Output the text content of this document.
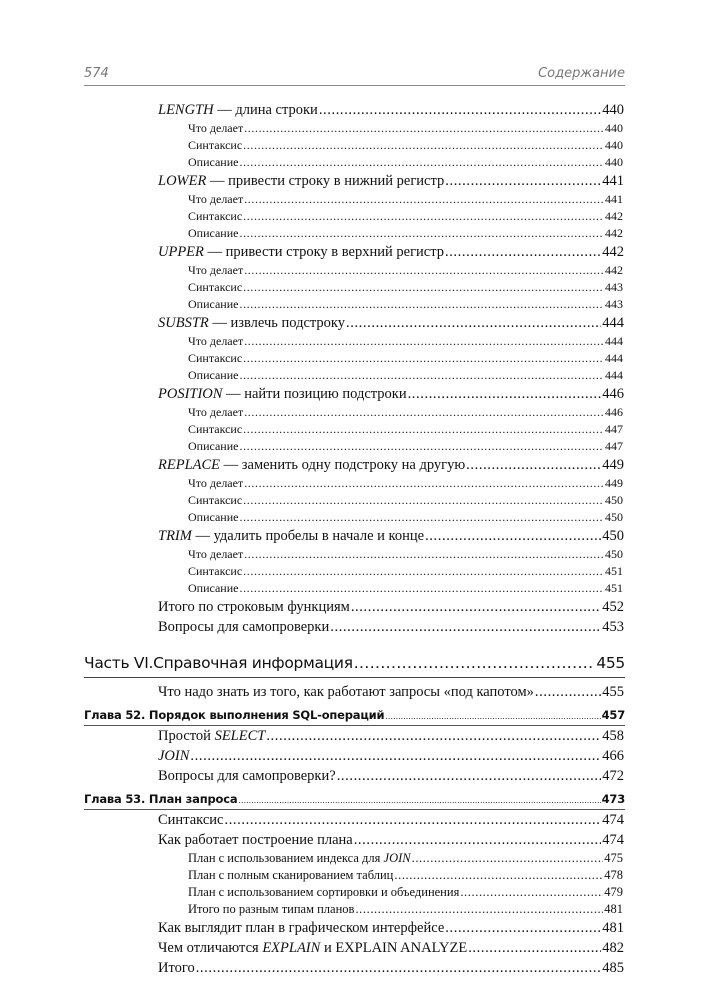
574	Содержание
LENGTH — длина строки .....	440
Что делает .....	440
Синтаксис .....	440
Описание .....	440
LOWER — привести строку в нижний регистр .....	441
Что делает .....	441
Синтаксис .....	442
Описание .....	442
UPPER — привести строку в верхний регистр .....	442
Что делает .....	442
Синтаксис .....	443
Описание .....	443
SUBSTR — извлечь подстроку .....	444
Что делает .....	444
Синтаксис .....	444
Описание .....	444
POSITION — найти позицию подстроки .....	446
Что делает .....	446
Синтаксис .....	447
Описание .....	447
REPLACE — заменить одну подстроку на другую .....	449
Что делает .....	449
Синтаксис .....	450
Описание .....	450
TRIM — удалить пробелы в начале и конце .....	450
Что делает .....	450
Синтаксис .....	451
Описание .....	451
Итого по строковым функциям .....	452
Вопросы для самопроверки .....	453
Часть VI.Справочная информация .....	455
Что надо знать из того, как работают запросы «под капотом» .....	455
Глава 52. Порядок выполнения SQL-операций .....	457
Простой SELECT .....	458
JOIN .....	466
Вопросы для самопроверки? .....	472
Глава 53. План запроса .....	473
Синтаксис .....	474
Как работает построение плана .....	474
План с использованием индекса для JOIN .....	475
План с полным сканированием таблиц .....	478
План с использованием сортировки и объединения .....	479
Итого по разным типам планов .....	481
Как выглядит план в графическом интерфейсе .....	481
Чем отличаются EXPLAIN и EXPLAIN ANALYZE .....	482
Итого .....	485
